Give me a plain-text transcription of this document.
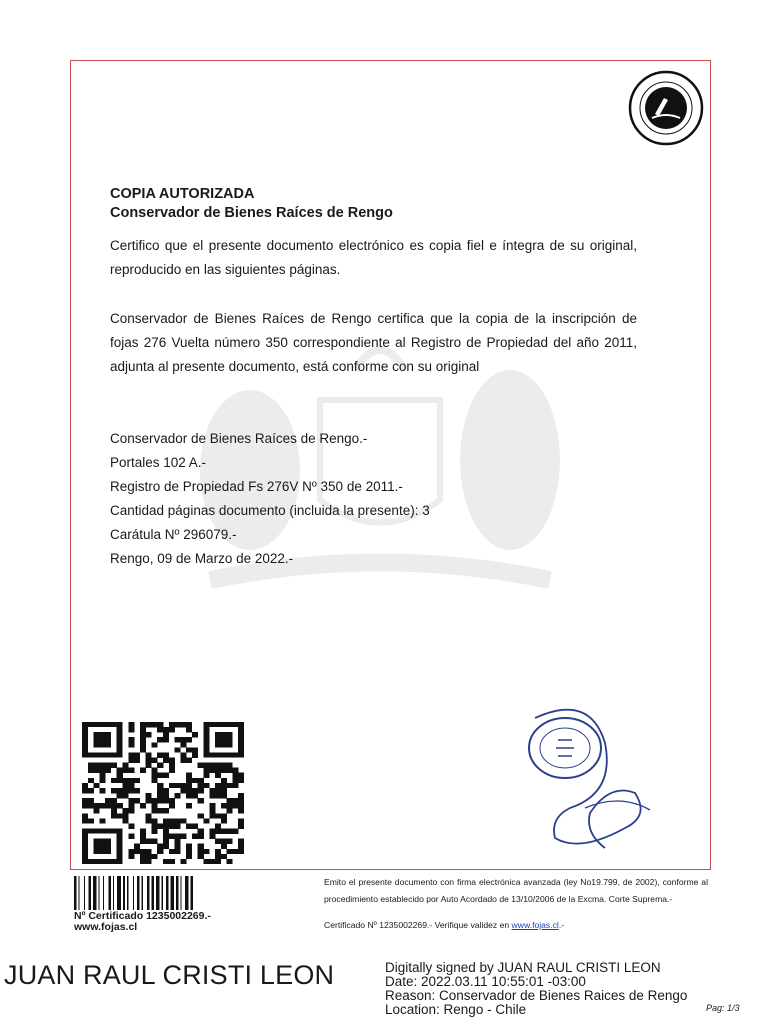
COPIA AUTORIZADA

Conservador de Bienes Raíces de Rengo

Certifico que el presente documento electrónico es copia fiel e íntegra de su original, reproducido en las siguientes páginas.

Conservador de Bienes Raíces de Rengo certifica que la copia de la inscripción de fojas 276 Vuelta número 350 correspondiente al Registro de Propiedad del año 2011, adjunta al presente documento, está conforme con su original

Conservador de Bienes Raíces de Rengo.-

Portales 102 A.-

Registro de Propiedad Fs 276V Nº 350 de 2011.-

Cantidad páginas documento (incluida la presente): 3

Carátula Nº 296079.-

Rengo, 09 de Marzo de 2022.-

Nº Certificado 1235002269.-
www.fojas.cl

Emito el presente documento con firma electrónica avanzada (ley No19.799, de 2002), conforme al procedimiento establecido por Auto Acordado de 13/10/2006 de la Excma. Corte Suprema.-

Certificado Nº 1235002269.- Verifique validez en www.fojas.cl.-
JUAN RAUL CRISTI LEON	Digitally signed by JUAN RAUL CRISTI LEON
Date: 2022.03.11 10:55:01 -03:00
Reason: Conservador de Bienes Raices de Rengo
Location: Rengo - Chile	Pag: 1/3
